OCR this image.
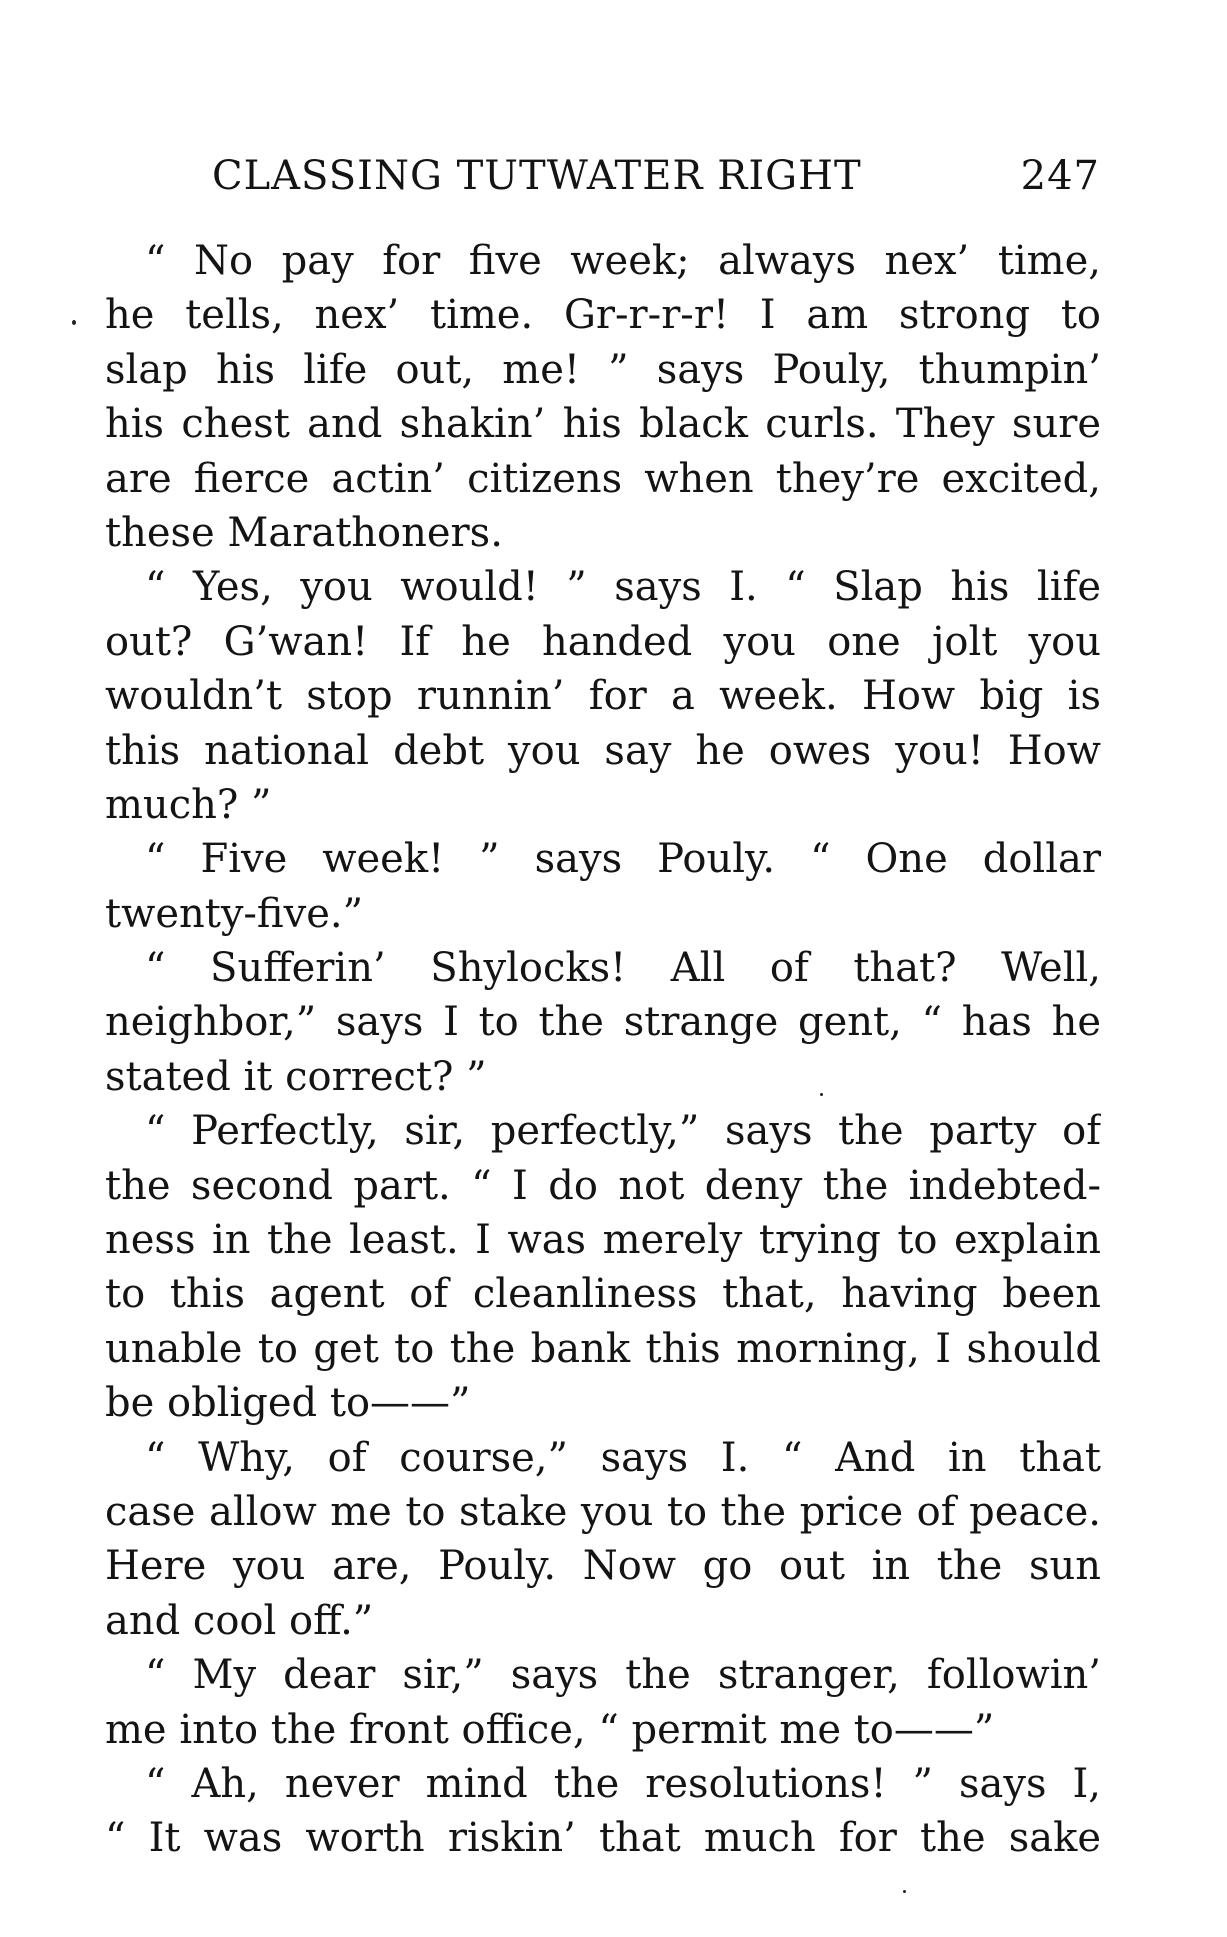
CLASSING TUTWATER RIGHT	247
“ No pay for five week; always nex’ time,
he tells, nex’ time. Gr-r-r-r! I am strong to
slap his life out, me! ” says Pouly, thumpin’
his chest and shakin’ his black curls. They sure
are fierce actin’ citizens when they’re excited,
these Marathoners.
“ Yes, you would! ” says I. “ Slap his life
out? G’wan! If he handed you one jolt you
wouldn’t stop runnin’ for a week. How big is
this national debt you say he owes you! How
much? ”
“ Five week! ” says Pouly. “ One dollar
twenty-five.”
“ Sufferin’ Shylocks! All of that? Well,
neighbor,” says I to the strange gent, “ has he
stated it correct? ”
“ Perfectly, sir, perfectly,” says the party of
the second part. “ I do not deny the indebted-
ness in the least. I was merely trying to explain
to this agent of cleanliness that, having been
unable to get to the bank this morning, I should
be obliged to——”
“ Why, of course,” says I. “ And in that
case allow me to stake you to the price of peace.
Here you are, Pouly. Now go out in the sun
and cool off.”
“ My dear sir,” says the stranger, followin’
me into the front office, “ permit me to——”
“ Ah, never mind the resolutions! ” says I,
“ It was worth riskin’ that much for the sake
